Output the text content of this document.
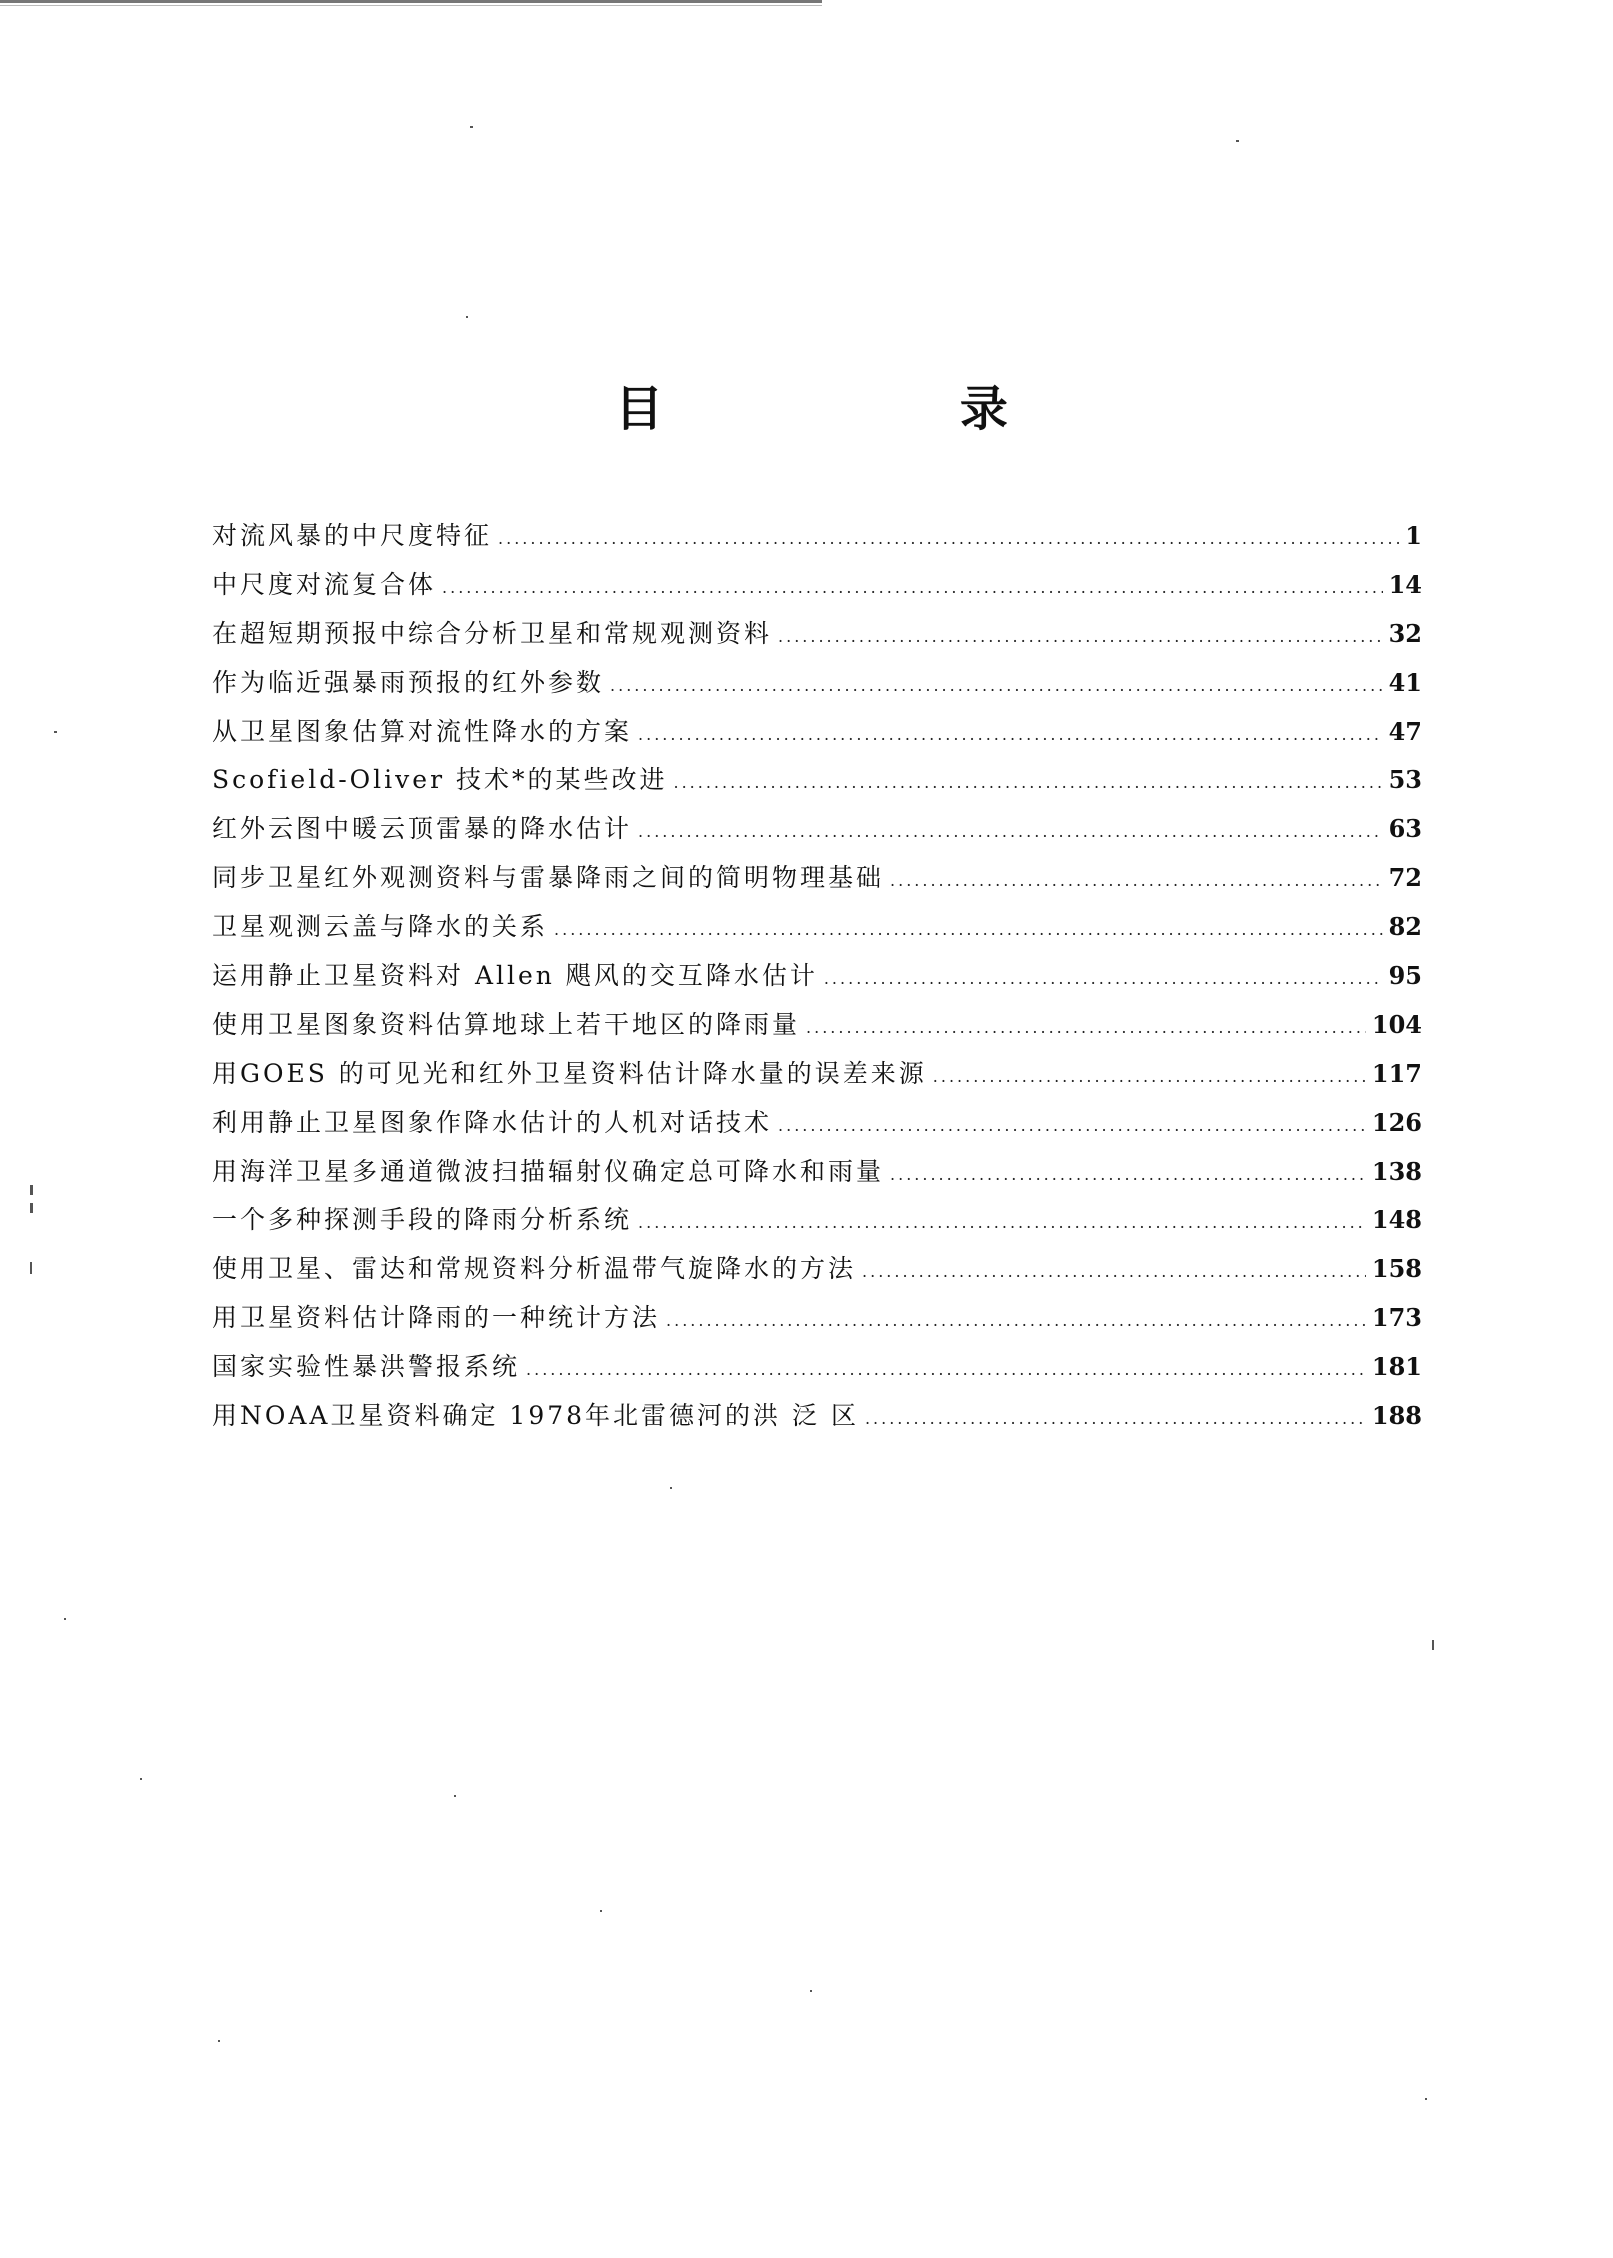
目 录
对流风暴的中尺度特征 .....	1
中尺度对流复合体 .....	14
在超短期预报中综合分析卫星和常规观测资料 .....	32
作为临近强暴雨预报的红外参数 .....	41
从卫星图象估算对流性降水的方案 .....	47
Scofield-Oliver 技术*的某些改进 .....	53
红外云图中暖云顶雷暴的降水估计 .....	63
同步卫星红外观测资料与雷暴降雨之间的简明物理基础 .....	72
卫星观测云盖与降水的关系 .....	82
运用静止卫星资料对 Allen 飓风的交互降水估计 .....	95
使用卫星图象资料估算地球上若干地区的降雨量 .....	104
用GOES 的可见光和红外卫星资料估计降水量的误差来源 .....	117
利用静止卫星图象作降水估计的人机对话技术 .....	126
用海洋卫星多通道微波扫描辐射仪确定总可降水和雨量 .....	138
一个多种探测手段的降雨分析系统 .....	148
使用卫星、雷达和常规资料分析温带气旋降水的方法 .....	158
用卫星资料估计降雨的一种统计方法 .....	173
国家实验性暴洪警报系统 .....	181
用NOAA卫星资料确定 1978年北雷德河的洪 泛 区 .....	188
